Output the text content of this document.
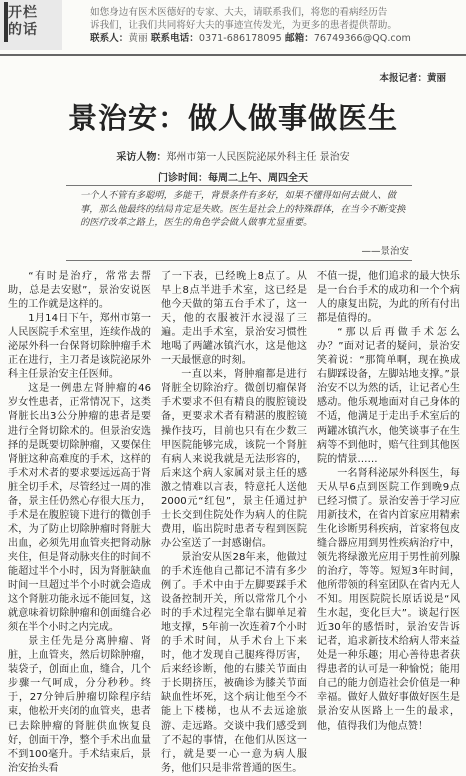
开栏的话
如您身边有医术医德好的专家、大夫，请联系我们，将您的看病经历告
诉我们，让我们共同将好大夫的事迹宣传发光，为更多的患者提供帮助。
联系人：黄丽 联系电话：0371-686178095 邮箱：76749366@QQ.com
本报记者：黄丽
景治安：做人做事做医生
采访人物：郑州市第一人民医院泌尿外科主任 景治安
门诊时间：每周二上午、周四全天
一个人不管有多聪明，多能干，背景条件有多好，如果不懂得如何去做人、做事，那么他最终的结局肯定是失败。医生是社会上的特殊群体，在当今不断变换的医疗改革之路上，医生的角色学会做人做事尤显重要。
——景治安

“有时是治疗，常常去帮助，总是去安慰”，景治安说医生的工作就是这样的。

1月14日下午，郑州市第一人民医院手术室里，连续作战的泌尿外科一台保肾切除肿瘤手术正在进行，主刀者是该院泌尿外科主任景治安主任医师。

这是一例患左肾肿瘤的46岁女性患者，正常情况下，这类肾脏长出3公分肿瘤的患者是要进行全肾切除术的。但景治安选择的是既要切除肿瘤，又要保住肾脏这种高难度的手术，这样的手术对术者的要求要远远高于肾脏全切手术，尽管经过一周的准备，景主任仍然心存很大压力，手术是在腹腔镜下进行的微创手术，为了防止切除肿瘤时肾脏大出血，必须先用血管夹把肾动脉夹住，但是肾动脉夹住的时间不能超过半个小时，因为肾脏缺血时间一旦超过半个小时就会造成这个肾脏功能永远不能回复，这就意味着切除肿瘤和创面缝合必须在半个小时之内完成。

景主任先是分离肿瘤、肾脏，上血管夹，然后切除肿瘤，装袋子，创面止血，缝合，几个步骤一气呵成，分分秒秒。终于，27分钟后肿瘤切除程序结束，他松开夹闭的血管夹，患者已去除肿瘤的肾脏供血恢复良好，创面干净，整个手术出血量不到100毫升。手术结束后，景治安抬头看

了一下表，已经晚上8点了。从早上8点半进手术室，这已经是他今天做的第五台手术了，这一天，他的衣服被汗水浸湿了三遍。走出手术室，景治安习惯性地喝了两罐冰镇汽水，这是他这一天最惬意的时刻。

一直以来，肾肿瘤都是进行肾脏全切除治疗。微创切瘤保肾手术要求不但有精良的腹腔镜设备，更要求术者有精湛的腹腔镜操作技巧，目前也只有在少数三甲医院能够完成，该院一个肾脏有病人来说我就是无法形容的，后来这个病人家属对景主任的感激之情难以言表，特意托人送他2000元“红包”，景主任通过护士长交到住院处作为病人的住院费用，临出院时患者专程到医院办公室送了一封感谢信。

景治安从医28年来，他做过的手术连他自己都记不清有多少例了。手术中由于左脚要踩手术设备控制开关，所以常常几个小时的手术过程完全靠右脚单足着地支撑，5年前一次连着7个小时的手术时间，从手术台上下来时，他才发现自己腿疼得厉害，后来经诊断，他的右膝关节面由于长期挤压，被确诊为膝关节面缺血性坏死，这个病让他至今不能上下楼梯，也从不去远途旅游、走远路。交谈中我们感受到了不起的事情，在他们从医这一行，就是要一心一意为病人服务，他们只是非常普通的医生。

不值一提，他们追求的最大快乐是一台台手术的成功和一个个病人的康复出院，为此的所有付出都是值得的。

“那以后再做手术怎么办？”面对记者的疑问，景治安笑着说：“那简单啊，现在换成右脚踩设备，左脚站地支撑。”景治安不以为然的话，让记者心生感动。他乐观地面对自己身体的不适，他满足于走出手术室后的两罐冰镇汽水，他笑谈事子在生病等不到他时，赔气往到其他医院的情景……

一名肾科泌尿外科医生，每天从早6点到医院工作到晚9点已经习惯了。景治安善于学习应用新技术，在省内首家应用精索生化诊断男科疾病，首家将包皮缝合器应用到男性疾病治疗中，领先将绿激光应用于男性前列腺的治疗，等等。短短3年时间，他所带领的科室团队在省内无人不知。用医院院长原话说是“风生水起，变化巨大”。谈起行医近30年的感悟时，景治安告诉记者，追求新技术给病人带来益处是一种乐趣；用心善待患者获得患者的认可是一种愉悦；能用自己的能力创造社会价值是一种幸福。做好人做好事做好医生是景治安从医路上一生的最求，他，值得我们为他点赞！
